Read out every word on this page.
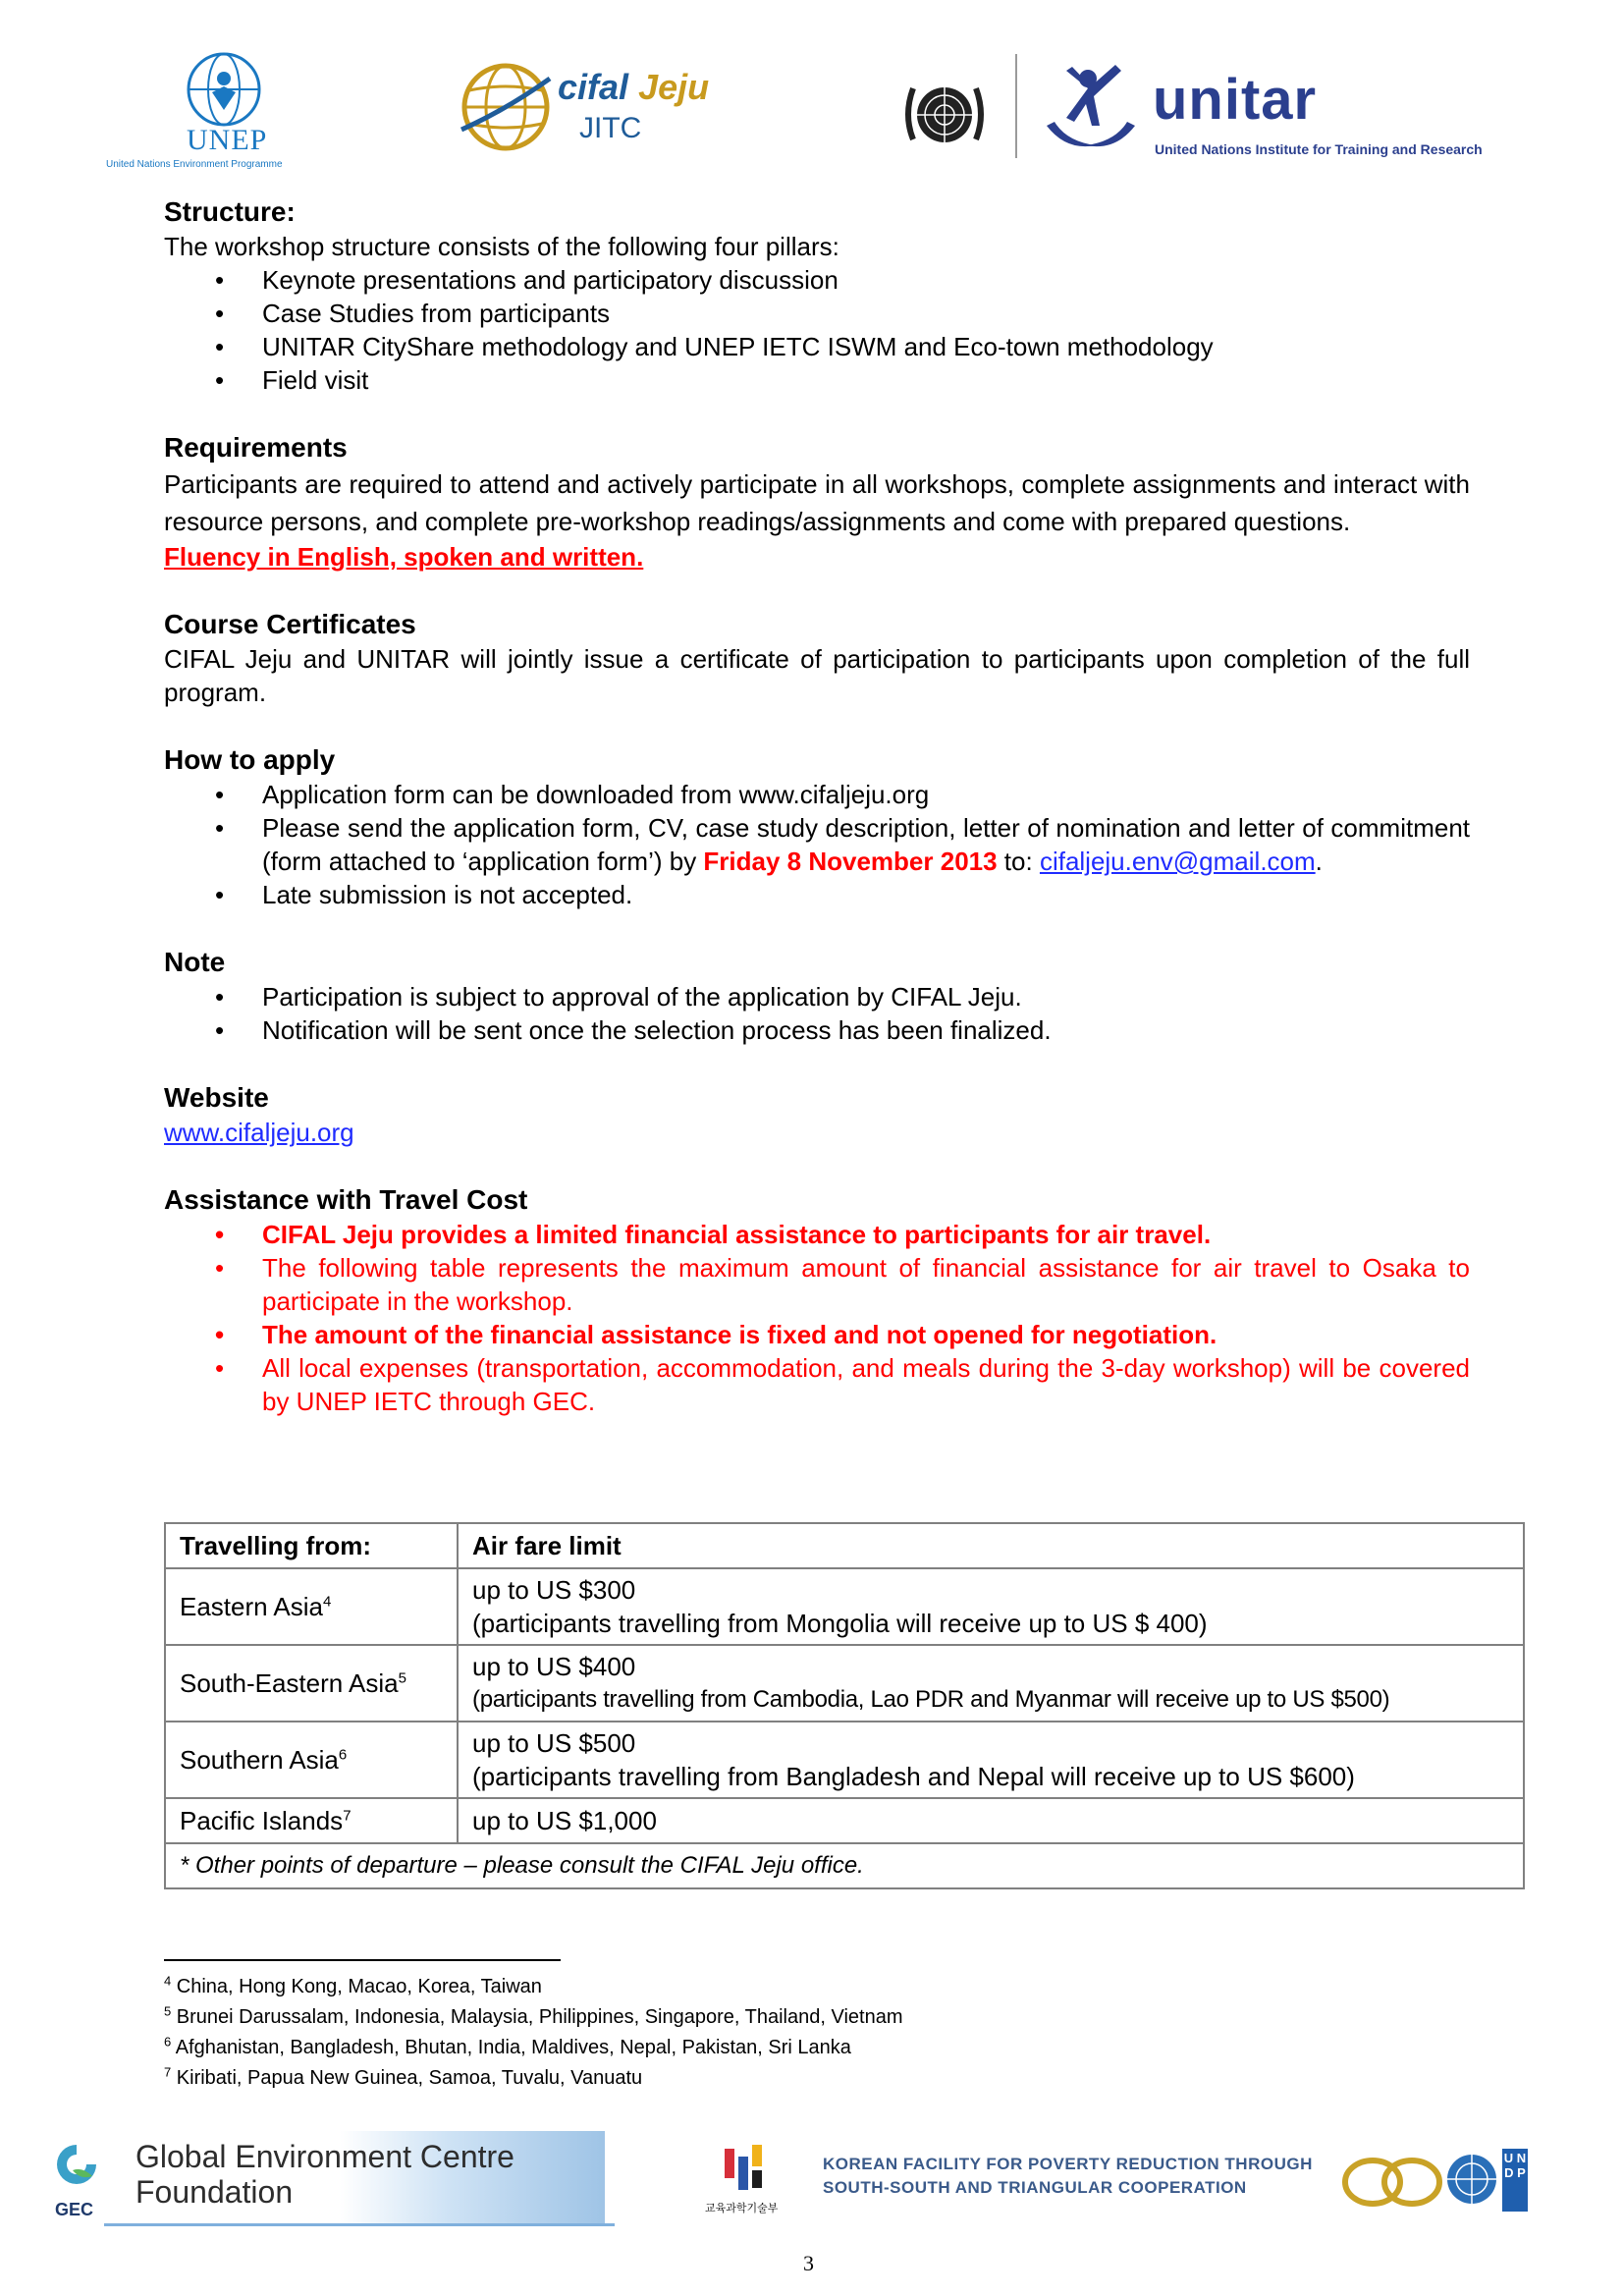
UNEP
United Nations Environment Programme
cifal Jeju
JITC	unitar
United Nations Institute for Training and Research
Structure:

The workshop structure consists of the following four pillars:

• Keynote presentations and participatory discussion
• Case Studies from participants
• UNITAR CityShare methodology and UNEP IETC ISWM and Eco-town methodology
• Field visit
Requirements

Participants are required to attend and actively participate in all workshops, complete assignments and interact with resource persons, and complete pre-workshop readings/assignments and come with prepared questions.

Fluency in English, spoken and written.

Course Certificates

CIFAL Jeju and UNITAR will jointly issue a certificate of participation to participants upon completion of the full program.

How to apply
• Application form can be downloaded from www.cifaljeju.org
• Please send the application form, CV, case study description, letter of nomination and letter of commitment (form attached to ‘application form’) by Friday 8 November 2013 to: cifaljeju.env@gmail.com.
• Late submission is not accepted.
Note
• Participation is subject to approval of the application by CIFAL Jeju.
• Notification will be sent once the selection process has been finalized.
Website

www.cifaljeju.org

Assistance with Travel Cost
• CIFAL Jeju provides a limited financial assistance to participants for air travel.
• The following table represents the maximum amount of financial assistance for air travel to Osaka to participate in the workshop.
• The amount of the financial assistance is fixed and not opened for negotiation.
• All local expenses (transportation, accommodation, and meals during the 3-day workshop) will be covered by UNEP IETC through GEC.
Travelling from:	Air fare limit
Eastern Asia$^4$	up to US $300
(participants travelling from Mongolia will receive up to US $ 400)

South-Eastern Asia$^5$	up to US $400
(participants travelling from Cambodia, Lao PDR and Myanmar will receive up to US $500)

Southern Asia$^6$	up to US $500
(participants travelling from Bangladesh and Nepal will receive up to US $600)

Pacific Islands$^7$	up to US $1,000

* Other points of departure – please consult the CIFAL Jeju office.	
$^4$ China, Hong Kong, Macao, Korea, Taiwan
$^5$ Brunei Darussalam, Indonesia, Malaysia, Philippines, Singapore, Thailand, Vietnam
$^6$ Afghanistan, Bangladesh, Bhutan, India, Maldives, Nepal, Pakistan, Sri Lanka
$^7$ Kiribati, Papua New Guinea, Samoa, Tuvalu, Vanuatu
GEC
Global Environment Centre
Foundation	교육과학기술부
KOREAN FACILITY FOR POVERTY REDUCTION THROUGH
SOUTH-SOUTH AND TRIANGULAR COOPERATION
U N D P
3
